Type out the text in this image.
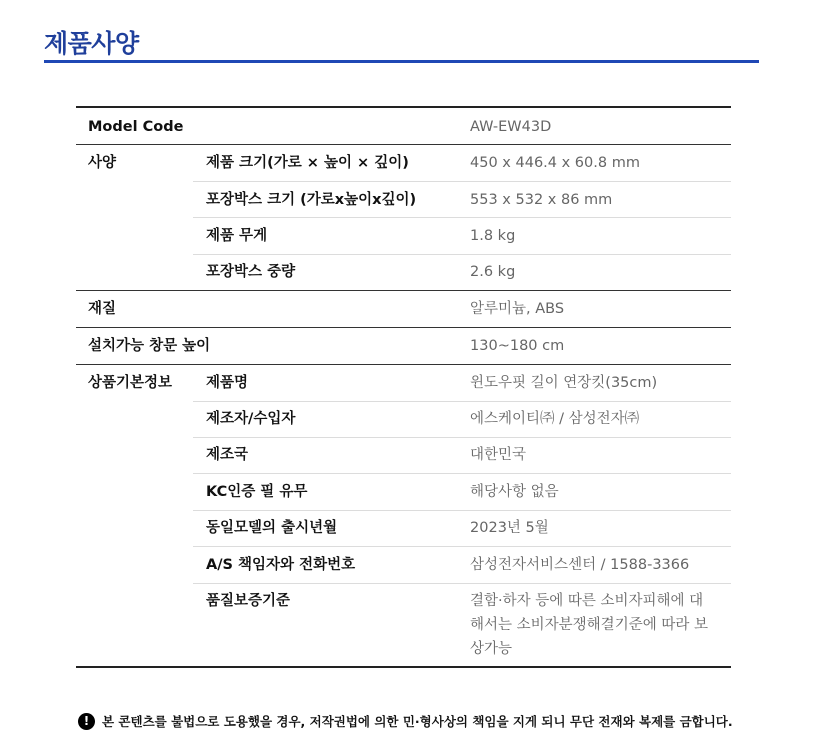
제품사양
Model Code		AW-EW43D
사양	제품 크기(가로 × 높이 × 깊이)	450 x 446.4 x 60.8 mm
	포장박스 크기 (가로x높이x깊이)	553 x 532 x 86 mm
	제품 무게	1.8 kg
	포장박스 중량	2.6 kg
재질		알루미늄, ABS
설치가능 창문 높이		130~180 cm
상품기본정보	제품명	윈도우핏 길이 연장킷(35cm)
	제조자/수입자	에스케이티㈜ / 삼성전자㈜
	제조국	대한민국
	KC인증 필 유무	해당사항 없음
	동일모델의 출시년월	2023년 5월
	A/S 책임자와 전화번호	삼성전자서비스센터 / 1588-3366
	품질보증기준	결함·하자 등에 따른 소비자피해에 대
해서는 소비자분쟁해결기준에 따라 보
상가능
!	본 콘텐츠를 불법으로 도용했을 경우, 저작권법에 의한 민·형사상의 책임을 지게 되니 무단 전재와 복제를 금합니다.
